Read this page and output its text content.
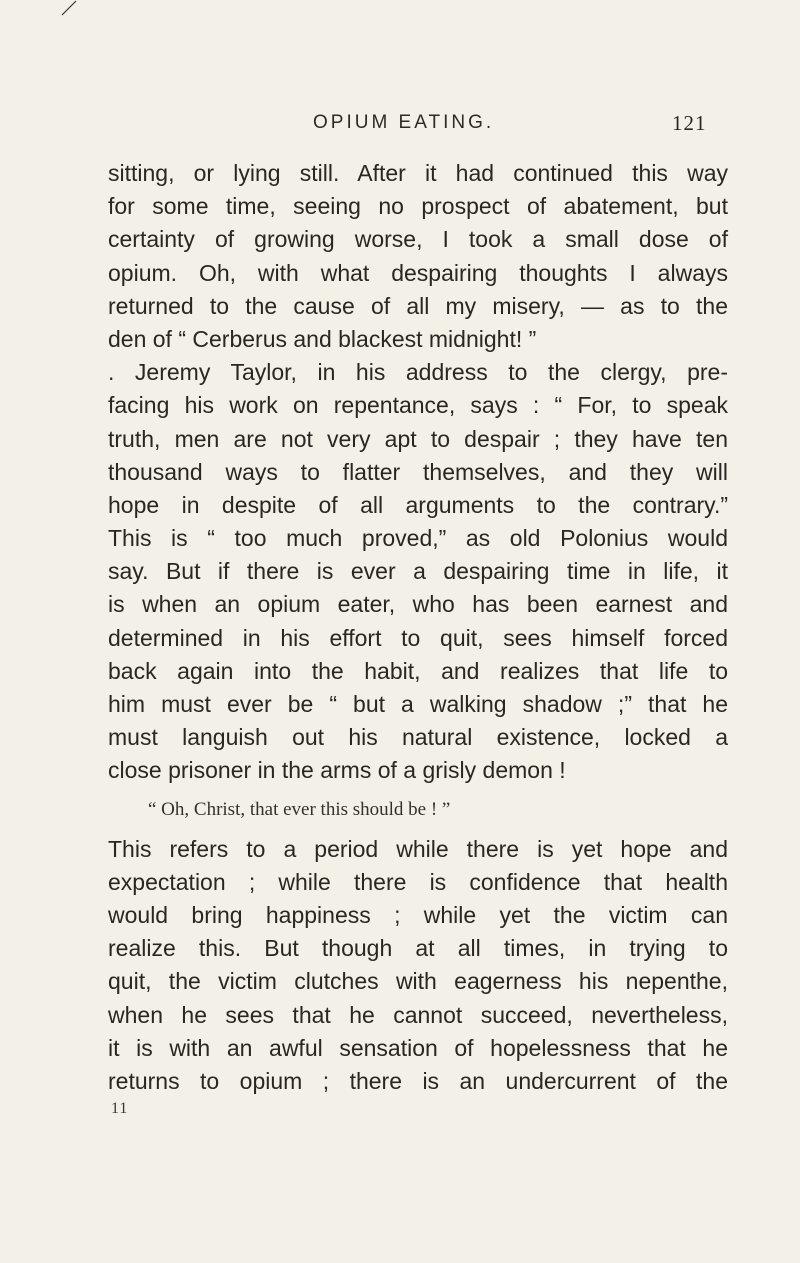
OPIUM EATING.	121
sitting, or lying still. After it had continued this way
for some time, seeing no prospect of abatement, but
certainty of growing worse, I took a small dose of
opium. Oh, with what despairing thoughts I always
returned to the cause of all my misery, — as to the
den of “ Cerberus and blackest midnight! ”
. Jeremy Taylor, in his address to the clergy, pre-
facing his work on repentance, says : “ For, to speak
truth, men are not very apt to despair ; they have ten
thousand ways to flatter themselves, and they will
hope in despite of all arguments to the contrary.”
This is “ too much proved,” as old Polonius would
say. But if there is ever a despairing time in life, it
is when an opium eater, who has been earnest and
determined in his effort to quit, sees himself forced
back again into the habit, and realizes that life to
him must ever be “ but a walking shadow ;” that he
must languish out his natural existence, locked a
close prisoner in the arms of a grisly demon !
“ Oh, Christ, that ever this should be ! ”
This refers to a period while there is yet hope and
expectation ; while there is confidence that health
would bring happiness ; while yet the victim can
realize this. But though at all times, in trying to
quit, the victim clutches with eagerness his nepenthe,
when he sees that he cannot succeed, nevertheless,
it is with an awful sensation of hopelessness that he
returns to opium ; there is an undercurrent of the
11
